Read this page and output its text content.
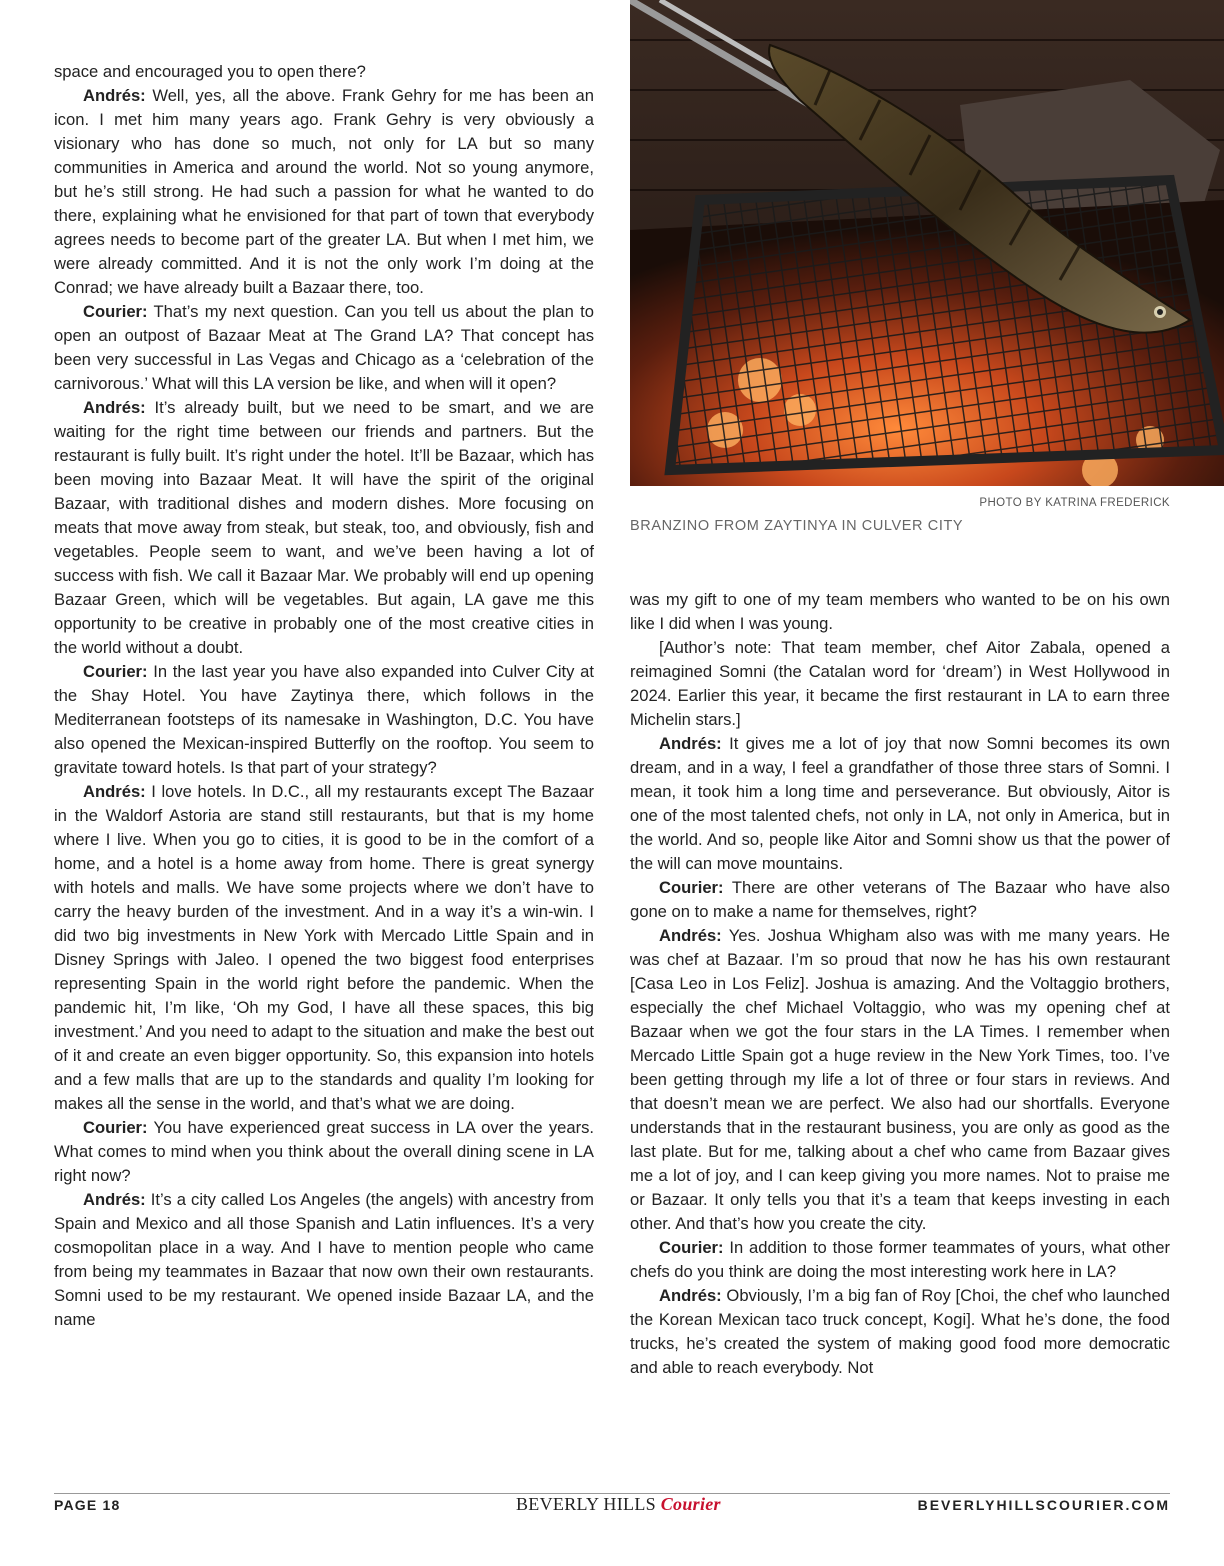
PHOTO BY KATRINA FREDERICK
BRANZINO FROM ZAYTINYA IN CULVER CITY

space and encouraged you to open there?

Andrés: Well, yes, all the above. Frank Gehry for me has been an icon. I met him many years ago. Frank Gehry is very obviously a visionary who has done so much, not only for LA but so many communities in America and around the world. Not so young anymore, but he’s still strong. He had such a passion for what he wanted to do there, explaining what he envisioned for that part of town that everybody agrees needs to become part of the greater LA. But when I met him, we were already committed. And it is not the only work I’m doing at the Conrad; we have already built a Bazaar there, too.

Courier: That’s my next question. Can you tell us about the plan to open an outpost of Bazaar Meat at The Grand LA? That concept has been very successful in Las Vegas and Chicago as a ‘celebration of the carnivorous.’ What will this LA version be like, and when will it open?

Andrés: It’s already built, but we need to be smart, and we are waiting for the right time between our friends and partners. But the restaurant is fully built. It’s right under the hotel. It’ll be Bazaar, which has been moving into Bazaar Meat. It will have the spirit of the original Bazaar, with traditional dishes and modern dishes. More focusing on meats that move away from steak, but steak, too, and obviously, fish and vegetables. People seem to want, and we’ve been having a lot of success with fish. We call it Bazaar Mar. We probably will end up opening Bazaar Green, which will be vegetables. But again, LA gave me this opportunity to be creative in probably one of the most creative cities in the world without a doubt.

Courier: In the last year you have also expanded into Culver City at the Shay Hotel. You have Zaytinya there, which follows in the Mediterranean footsteps of its namesake in Washington, D.C. You have also opened the Mexican-inspired Butterfly on the rooftop. You seem to gravitate toward hotels. Is that part of your strategy?

Andrés: I love hotels. In D.C., all my restaurants except The Bazaar in the Waldorf Astoria are stand still restaurants, but that is my home where I live. When you go to cities, it is good to be in the comfort of a home, and a hotel is a home away from home. There is great synergy with hotels and malls. We have some projects where we don’t have to carry the heavy burden of the investment. And in a way it’s a win-win. I did two big investments in New York with Mercado Little Spain and in Disney Springs with Jaleo. I opened the two biggest food enterprises representing Spain in the world right before the pandemic. When the pandemic hit, I’m like, ‘Oh my God, I have all these spaces, this big investment.’ And you need to adapt to the situation and make the best out of it and create an even bigger opportunity. So, this expansion into hotels and a few malls that are up to the standards and quality I’m looking for makes all the sense in the world, and that’s what we are doing.

Courier: You have experienced great success in LA over the years. What comes to mind when you think about the overall dining scene in LA right now?

Andrés: It’s a city called Los Angeles (the angels) with ancestry from Spain and Mexico and all those Spanish and Latin influences. It’s a very cosmopolitan place in a way. And I have to mention people who came from being my teammates in Bazaar that now own their own restaurants. Somni used to be my restaurant. We opened inside Bazaar LA, and the name

was my gift to one of my team members who wanted to be on his own like I did when I was young.

[Author’s note: That team member, chef Aitor Zabala, opened a reimagined Somni (the Catalan word for ‘dream’) in West Hollywood in 2024. Earlier this year, it became the first restaurant in LA to earn three Michelin stars.]

Andrés: It gives me a lot of joy that now Somni becomes its own dream, and in a way, I feel a grandfather of those three stars of Somni. I mean, it took him a long time and perseverance. But obviously, Aitor is one of the most talented chefs, not only in LA, not only in America, but in the world. And so, people like Aitor and Somni show us that the power of the will can move mountains.

Courier: There are other veterans of The Bazaar who have also gone on to make a name for themselves, right?

Andrés: Yes. Joshua Whigham also was with me many years. He was chef at Bazaar. I’m so proud that now he has his own restaurant [Casa Leo in Los Feliz]. Joshua is amazing. And the Voltaggio brothers, especially the chef Michael Voltaggio, who was my opening chef at Bazaar when we got the four stars in the LA Times. I remember when Mercado Little Spain got a huge review in the New York Times, too. I’ve been getting through my life a lot of three or four stars in reviews. And that doesn’t mean we are perfect. We also had our shortfalls. Everyone understands that in the restaurant business, you are only as good as the last plate. But for me, talking about a chef who came from Bazaar gives me a lot of joy, and I can keep giving you more names. Not to praise me or Bazaar. It only tells you that it’s a team that keeps investing in each other. And that’s how you create the city.

Courier: In addition to those former teammates of yours, what other chefs do you think are doing the most interesting work here in LA?

Andrés: Obviously, I’m a big fan of Roy [Choi, the chef who launched the Korean Mexican taco truck concept, Kogi]. What he’s done, the food trucks, he’s created the system of making good food more democratic and able to reach everybody. Not

PAGE 18	BEVERLY HILLS Courier	BEVERLYHILLSCOURIER.COM
